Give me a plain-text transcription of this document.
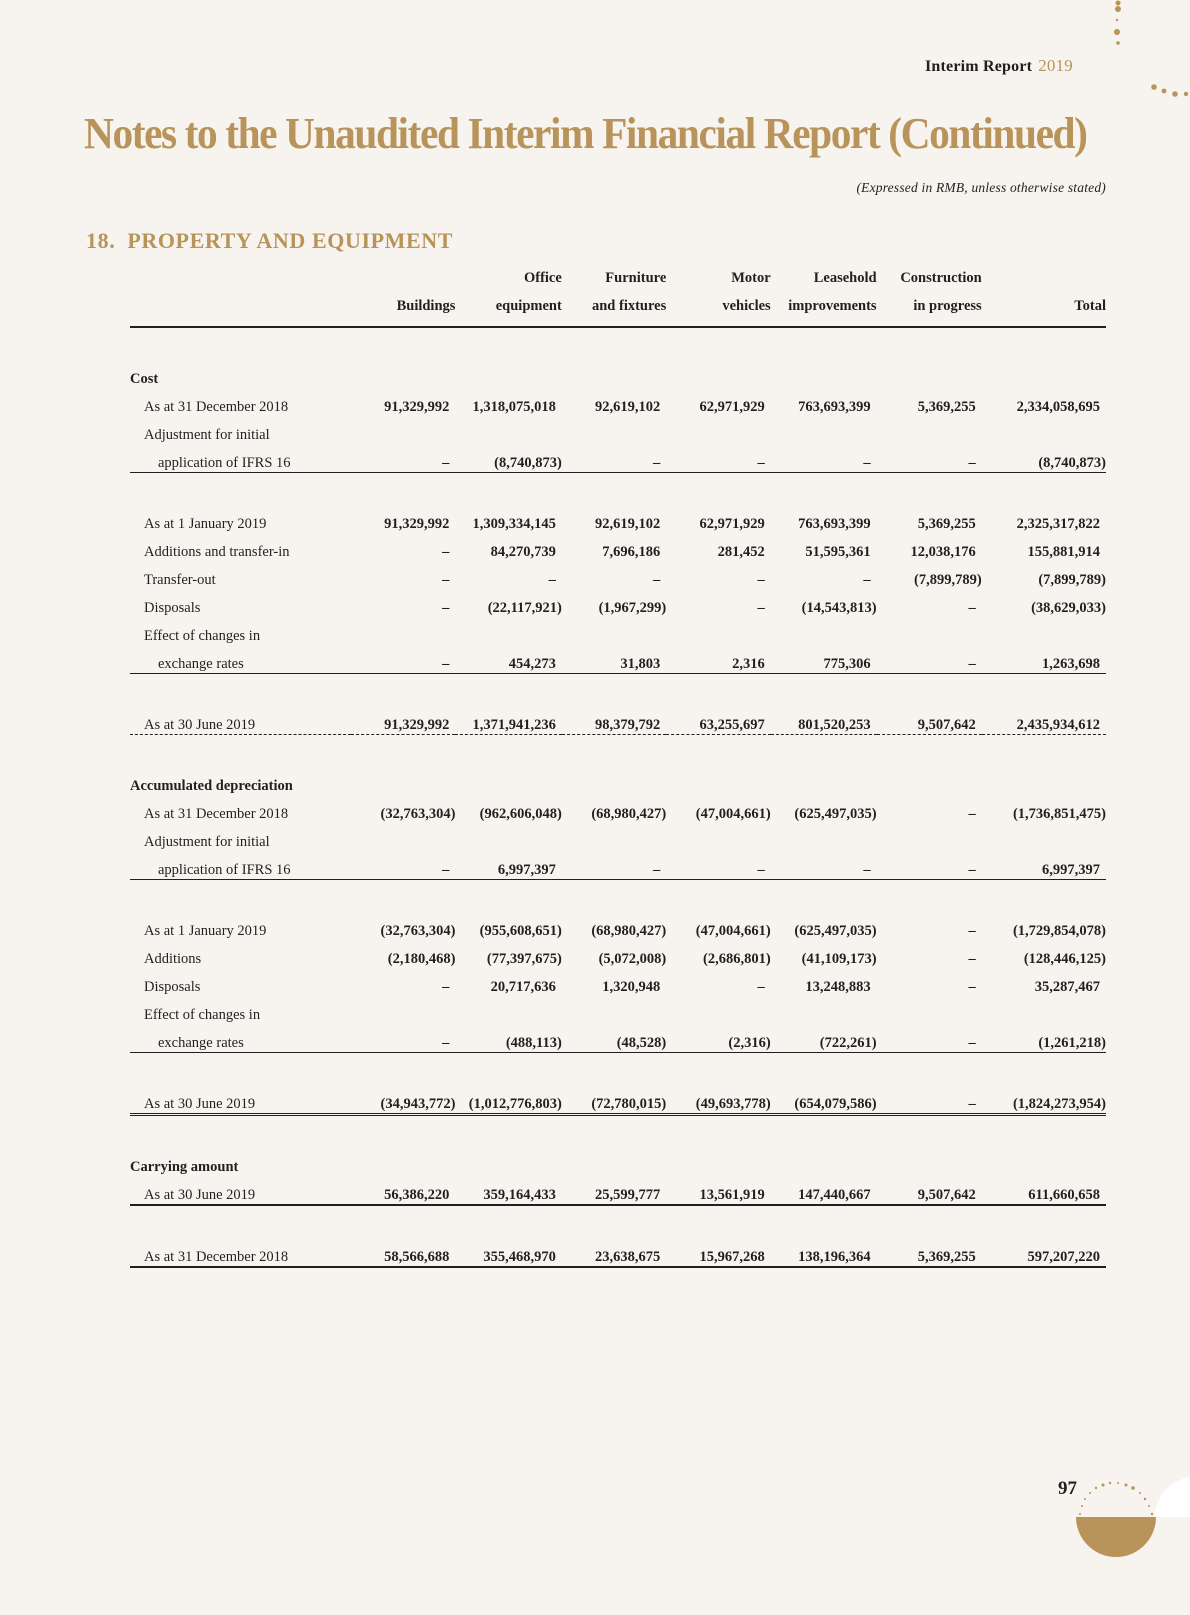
Interim Report 2019
Notes to the Unaudited Interim Financial Report (Continued)
(Expressed in RMB, unless otherwise stated)
18. PROPERTY AND EQUIPMENT
		Office	Furniture	Motor	Leasehold	Construction	
	Buildings	equipment	and fixtures	vehicles	improvements	in progress	Total

Cost							
As at 31 December 2018	91,329,992	1,318,075,018	92,619,102	62,971,929	763,693,399	5,369,255	2,334,058,695
Adjustment for initial							
application of IFRS 16	–	(8,740,873)	–	–	–	–	(8,740,873)

As at 1 January 2019	91,329,992	1,309,334,145	92,619,102	62,971,929	763,693,399	5,369,255	2,325,317,822
Additions and transfer-in	–	84,270,739	7,696,186	281,452	51,595,361	12,038,176	155,881,914
Transfer-out	–	–	–	–	–	(7,899,789)	(7,899,789)
Disposals	–	(22,117,921)	(1,967,299)	–	(14,543,813)	–	(38,629,033)
Effect of changes in							
exchange rates	–	454,273	31,803	2,316	775,306	–	1,263,698

As at 30 June 2019	91,329,992	1,371,941,236	98,379,792	63,255,697	801,520,253	9,507,642	2,435,934,612

Accumulated depreciation							
As at 31 December 2018	(32,763,304)	(962,606,048)	(68,980,427)	(47,004,661)	(625,497,035)	–	(1,736,851,475)
Adjustment for initial							
application of IFRS 16	–	6,997,397	–	–	–	–	6,997,397

As at 1 January 2019	(32,763,304)	(955,608,651)	(68,980,427)	(47,004,661)	(625,497,035)	–	(1,729,854,078)
Additions	(2,180,468)	(77,397,675)	(5,072,008)	(2,686,801)	(41,109,173)	–	(128,446,125)
Disposals	–	20,717,636	1,320,948	–	13,248,883	–	35,287,467
Effect of changes in							
exchange rates	–	(488,113)	(48,528)	(2,316)	(722,261)	–	(1,261,218)

As at 30 June 2019	(34,943,772)	(1,012,776,803)	(72,780,015)	(49,693,778)	(654,079,586)	–	(1,824,273,954)

Carrying amount							
As at 30 June 2019	56,386,220	359,164,433	25,599,777	13,561,919	147,440,667	9,507,642	611,660,658

As at 31 December 2018	58,566,688	355,468,970	23,638,675	15,967,268	138,196,364	5,369,255	597,207,220
97
